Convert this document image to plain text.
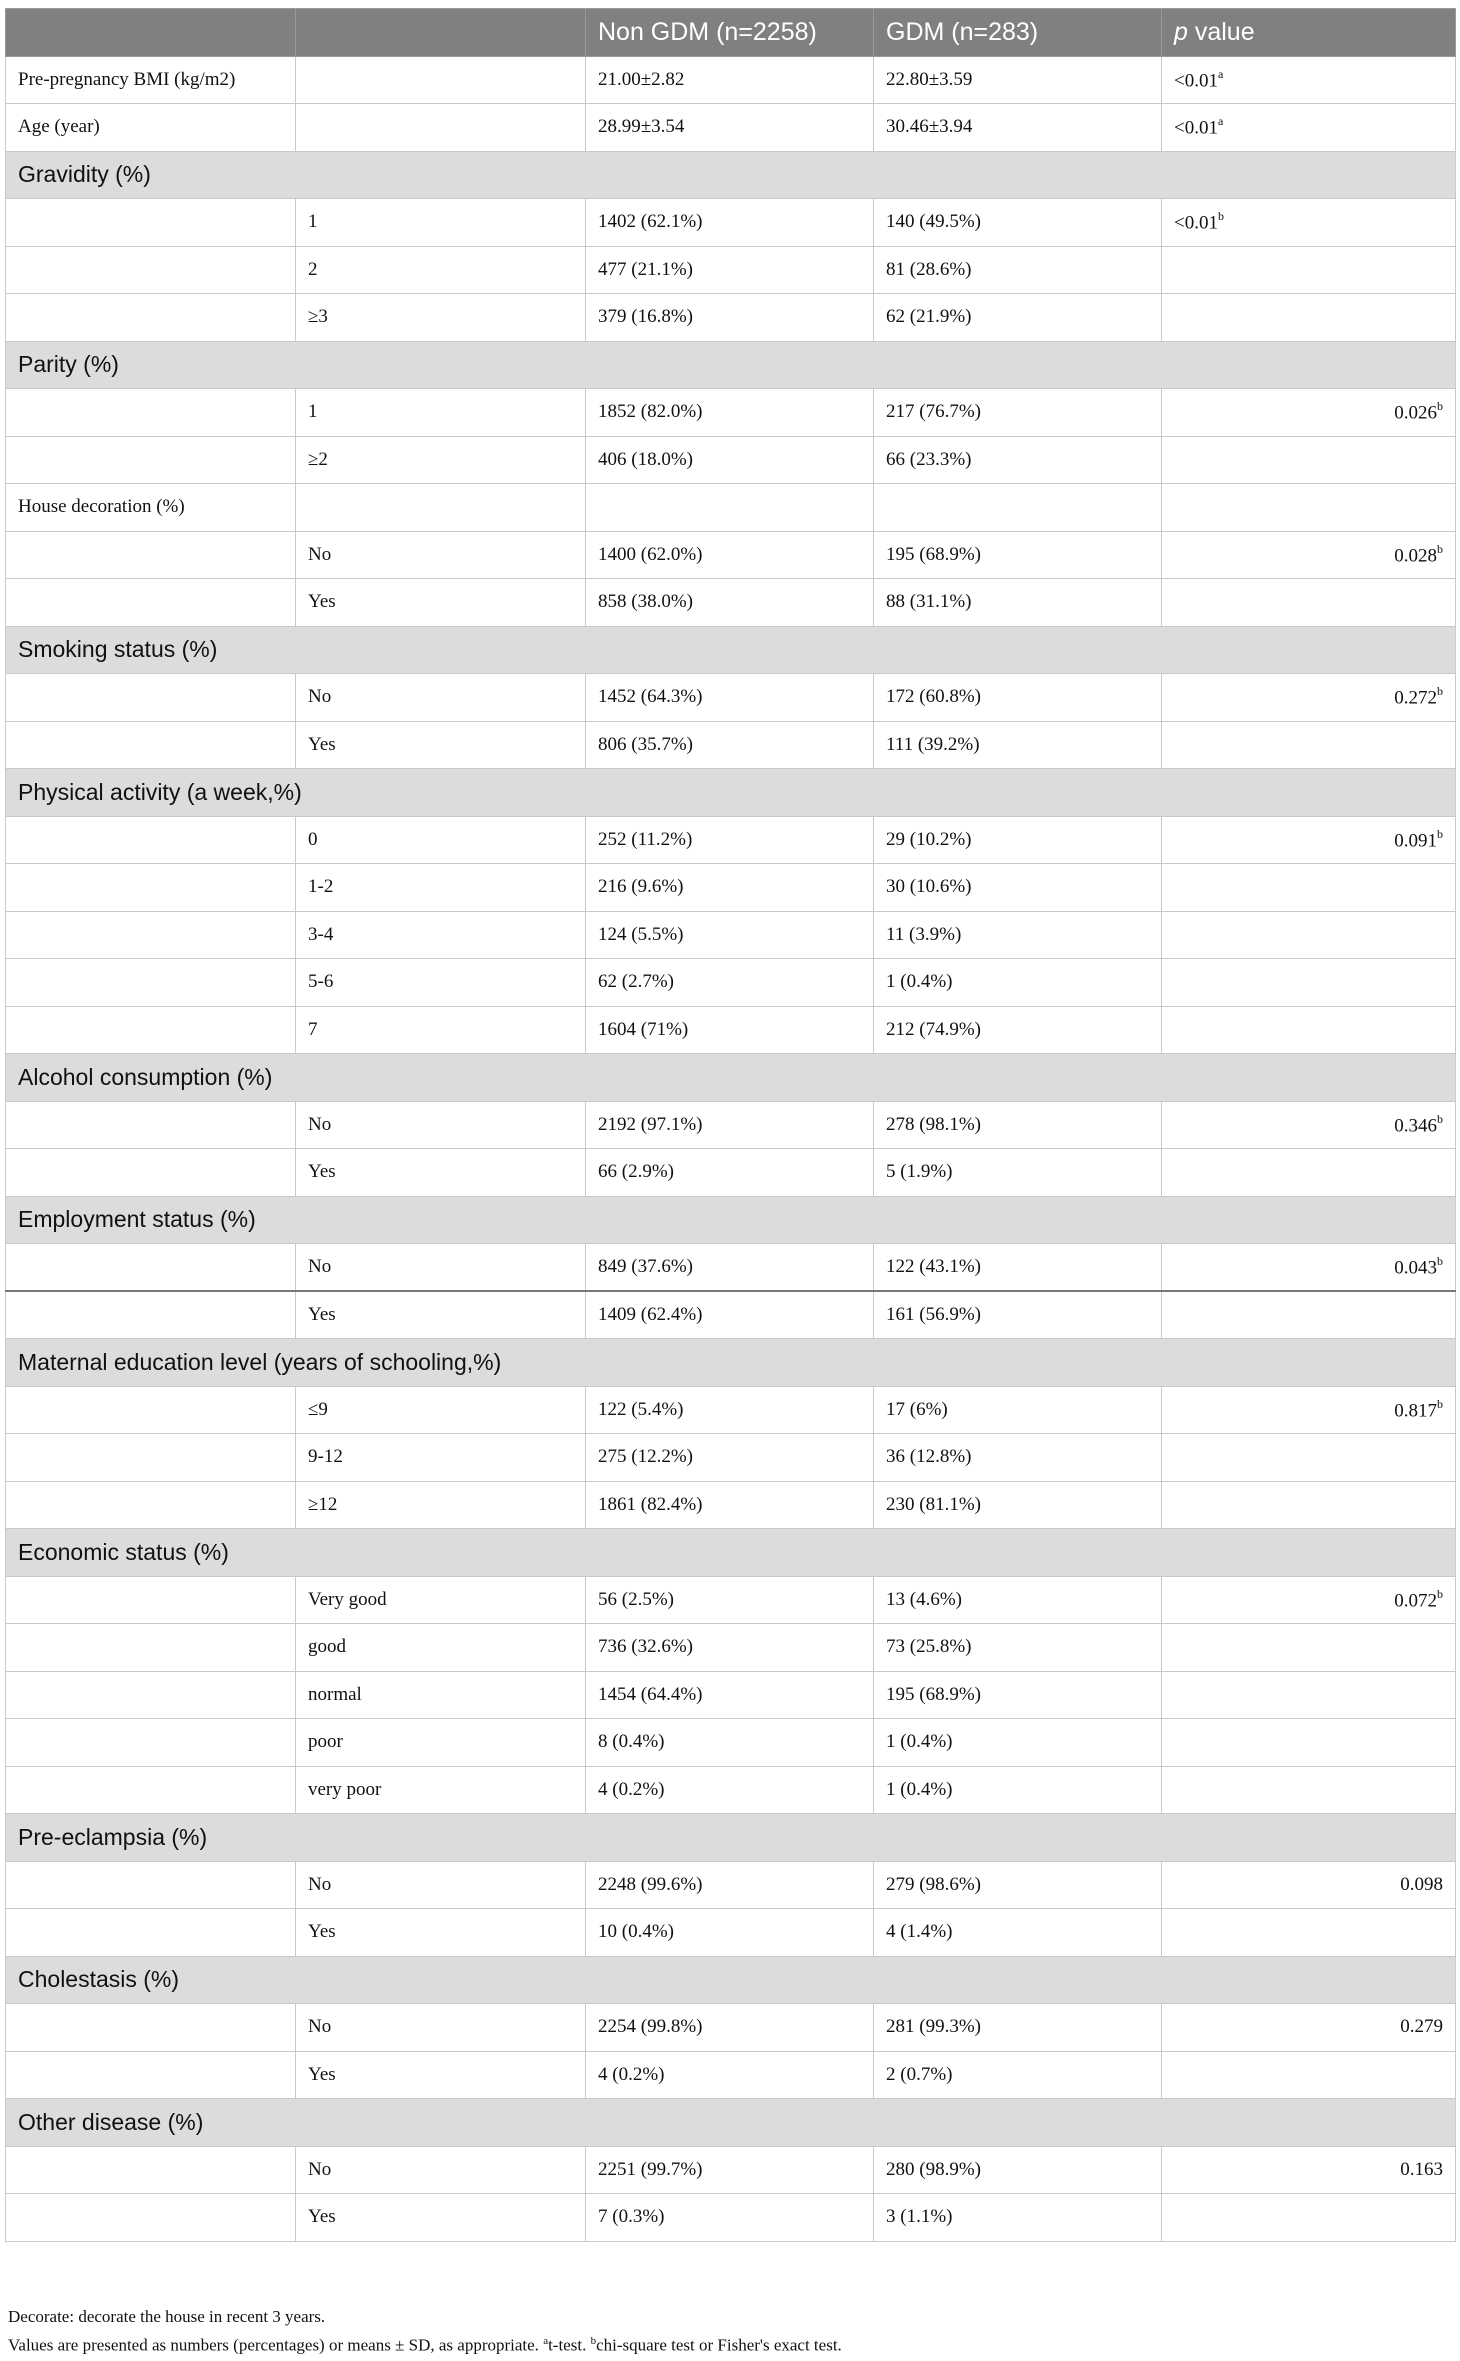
		Non GDM (n=2258)	GDM (n=283)	p value
Pre-pregnancy BMI (kg/m2)		21.00±2.82	22.80±3.59	<0.01$^a$
Age (year)		28.99±3.54	30.46±3.94	<0.01$^a$
Gravidity (%)				
	1	1402 (62.1%)	140 (49.5%)	<0.01$^b$
	2	477 (21.1%)	81 (28.6%)	
	≥3	379 (16.8%)	62 (21.9%)	
Parity (%)				
	1	1852 (82.0%)	217 (76.7%)	0.026$^b$
	≥2	406 (18.0%)	66 (23.3%)	
House decoration (%)				
	No	1400 (62.0%)	195 (68.9%)	0.028$^b$
	Yes	858 (38.0%)	88 (31.1%)	
Smoking status (%)				
	No	1452 (64.3%)	172 (60.8%)	0.272$^b$
	Yes	806 (35.7%)	111 (39.2%)	
Physical activity (a week,%)				
	0	252 (11.2%)	29 (10.2%)	0.091$^b$
	1-2	216 (9.6%)	30 (10.6%)	
	3-4	124 (5.5%)	11 (3.9%)	
	5-6	62 (2.7%)	1 (0.4%)	
	7	1604 (71%)	212 (74.9%)	
Alcohol consumption (%)				
	No	2192 (97.1%)	278 (98.1%)	0.346$^b$
	Yes	66 (2.9%)	5 (1.9%)	
Employment status (%)				
	No	849 (37.6%)	122 (43.1%)	0.043$^b$
	Yes	1409 (62.4%)	161 (56.9%)	
Maternal education level (years of schooling,%)				
	≤9	122 (5.4%)	17 (6%)	0.817$^b$
	9-12	275 (12.2%)	36 (12.8%)	
	≥12	1861 (82.4%)	230 (81.1%)	
Economic status (%)				
	Very good	56 (2.5%)	13 (4.6%)	0.072$^b$
	good	736 (32.6%)	73 (25.8%)	
	normal	1454 (64.4%)	195 (68.9%)	
	poor	8 (0.4%)	1 (0.4%)	
	very poor	4 (0.2%)	1 (0.4%)	
Pre-eclampsia (%)				
	No	2248 (99.6%)	279 (98.6%)	0.098
	Yes	10 (0.4%)	4 (1.4%)	
Cholestasis (%)				
	No	2254 (99.8%)	281 (99.3%)	0.279
	Yes	4 (0.2%)	2 (0.7%)	
Other disease (%)				
	No	2251 (99.7%)	280 (98.9%)	0.163
	Yes	7 (0.3%)	3 (1.1%)	
Decorate: decorate the house in recent 3 years.
Values are presented as numbers (percentages) or means ± SD, as appropriate. $^a$t-test. $^b$chi-square test or Fisher's exact test.
